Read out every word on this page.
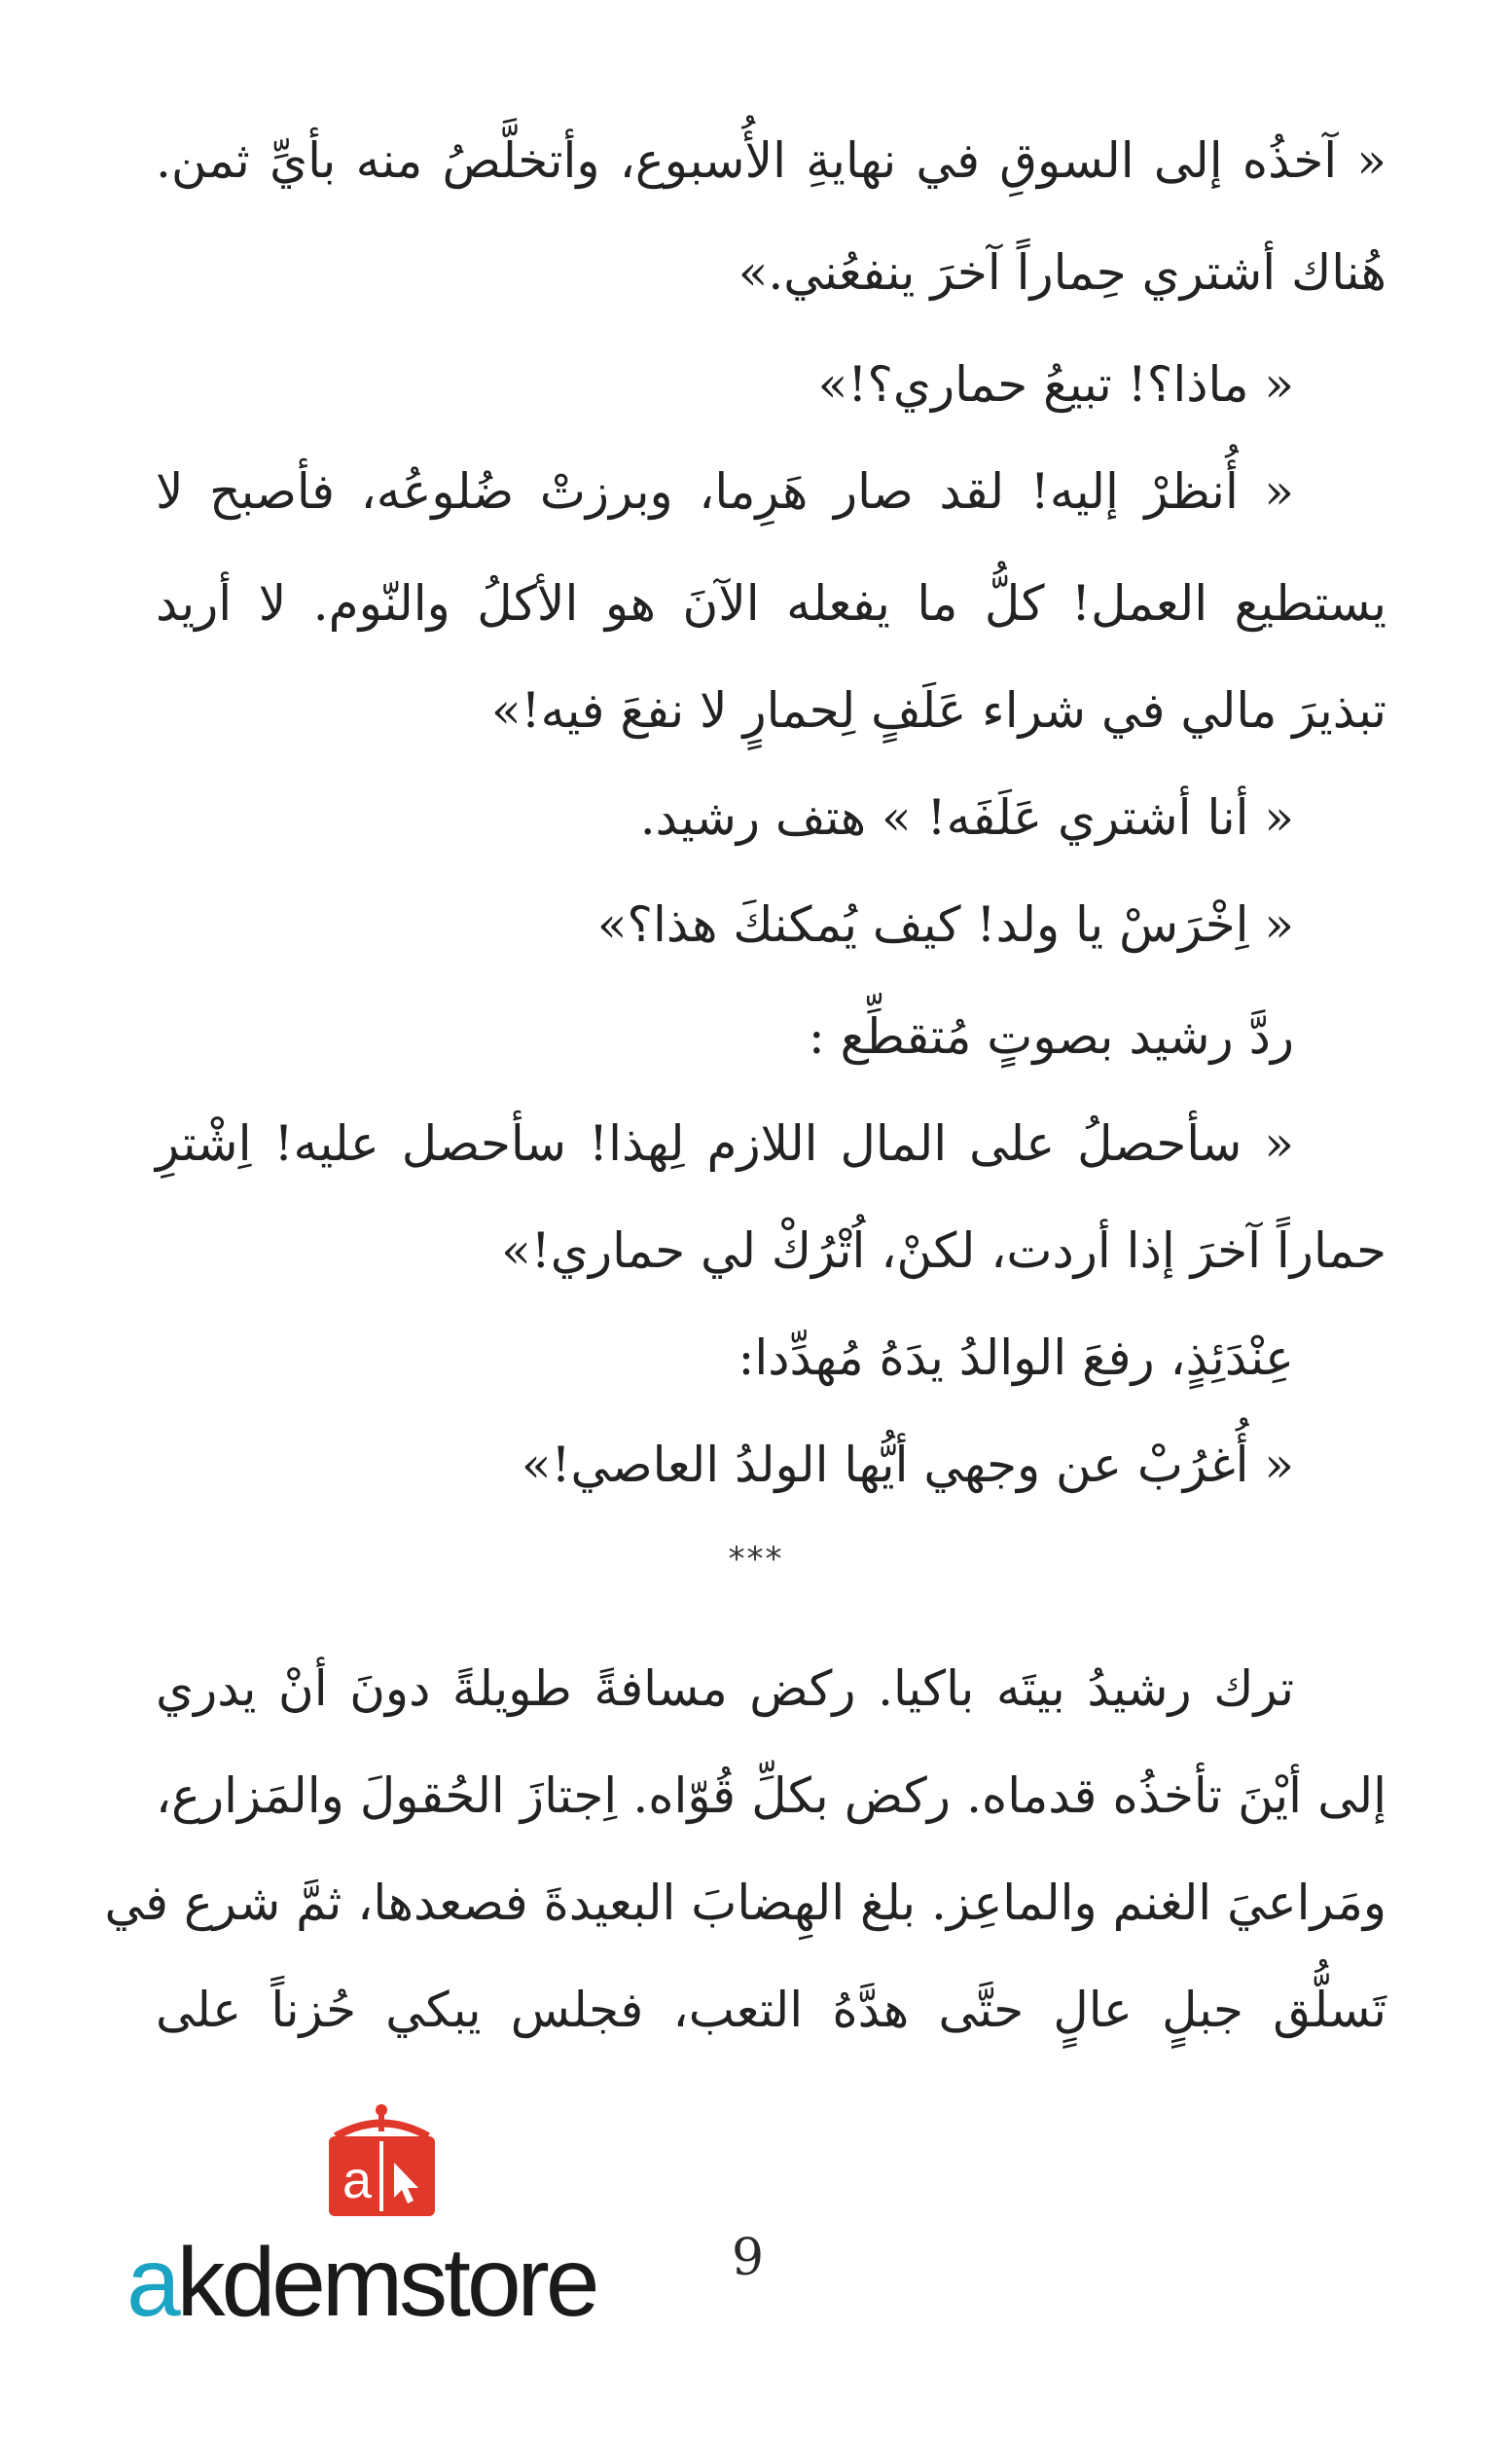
« آخذُه إلى السوقِ في نهايةِ الأُسبوع، وأتخلَّصُ منه بأيِّ ثمن.
هُناك أشتري حِماراً آخرَ ينفعُني.»
« ماذا؟! تبيعُ حماري؟!»
« أُنظرْ إليه! لقد صار هَرِما، وبرزتْ ضُلوعُه، فأصبح لا
يستطيع العمل! كلُّ ما يفعله الآنَ هو الأكلُ والنّوم. لا أريد
تبذيرَ مالي في شراء عَلَفٍ لِحمارٍ لا نفعَ فيه!»
« أنا أشتري عَلَفَه! » هتف رشيد.
« اِخْرَسْ يا ولد! كيف يُمكنكَ هذا؟»
ردَّ رشيد بصوتٍ مُتقطِّع :
« سأحصلُ على المال اللازم لِهذا! سأحصل عليه! اِشْترِ
حماراً آخرَ إذا أردت، لكنْ، اُتْرُكْ لي حماري!»
عِنْدَئِذٍ، رفعَ الوالدُ يدَهُ مُهدِّدا:
« أُغرُبْ عن وجهي أيُّها الولدُ العاصي!»
***
ترك رشيدُ بيتَه باكيا. ركض مسافةً طويلةً دونَ أنْ يدري
إلى أيْنَ تأخذُه قدماه. ركض بكلِّ قُوّاه. اِجتازَ الحُقولَ والمَزارع،
ومَراعيَ الغنم والماعِز. بلغ الهِضابَ البعيدةَ فصعدها، ثمَّ شرع في
تَسلُّق جبلٍ عالٍ حتَّى هدَّهُ التعب، فجلس يبكي حُزناً على
9
a
akdemstore
